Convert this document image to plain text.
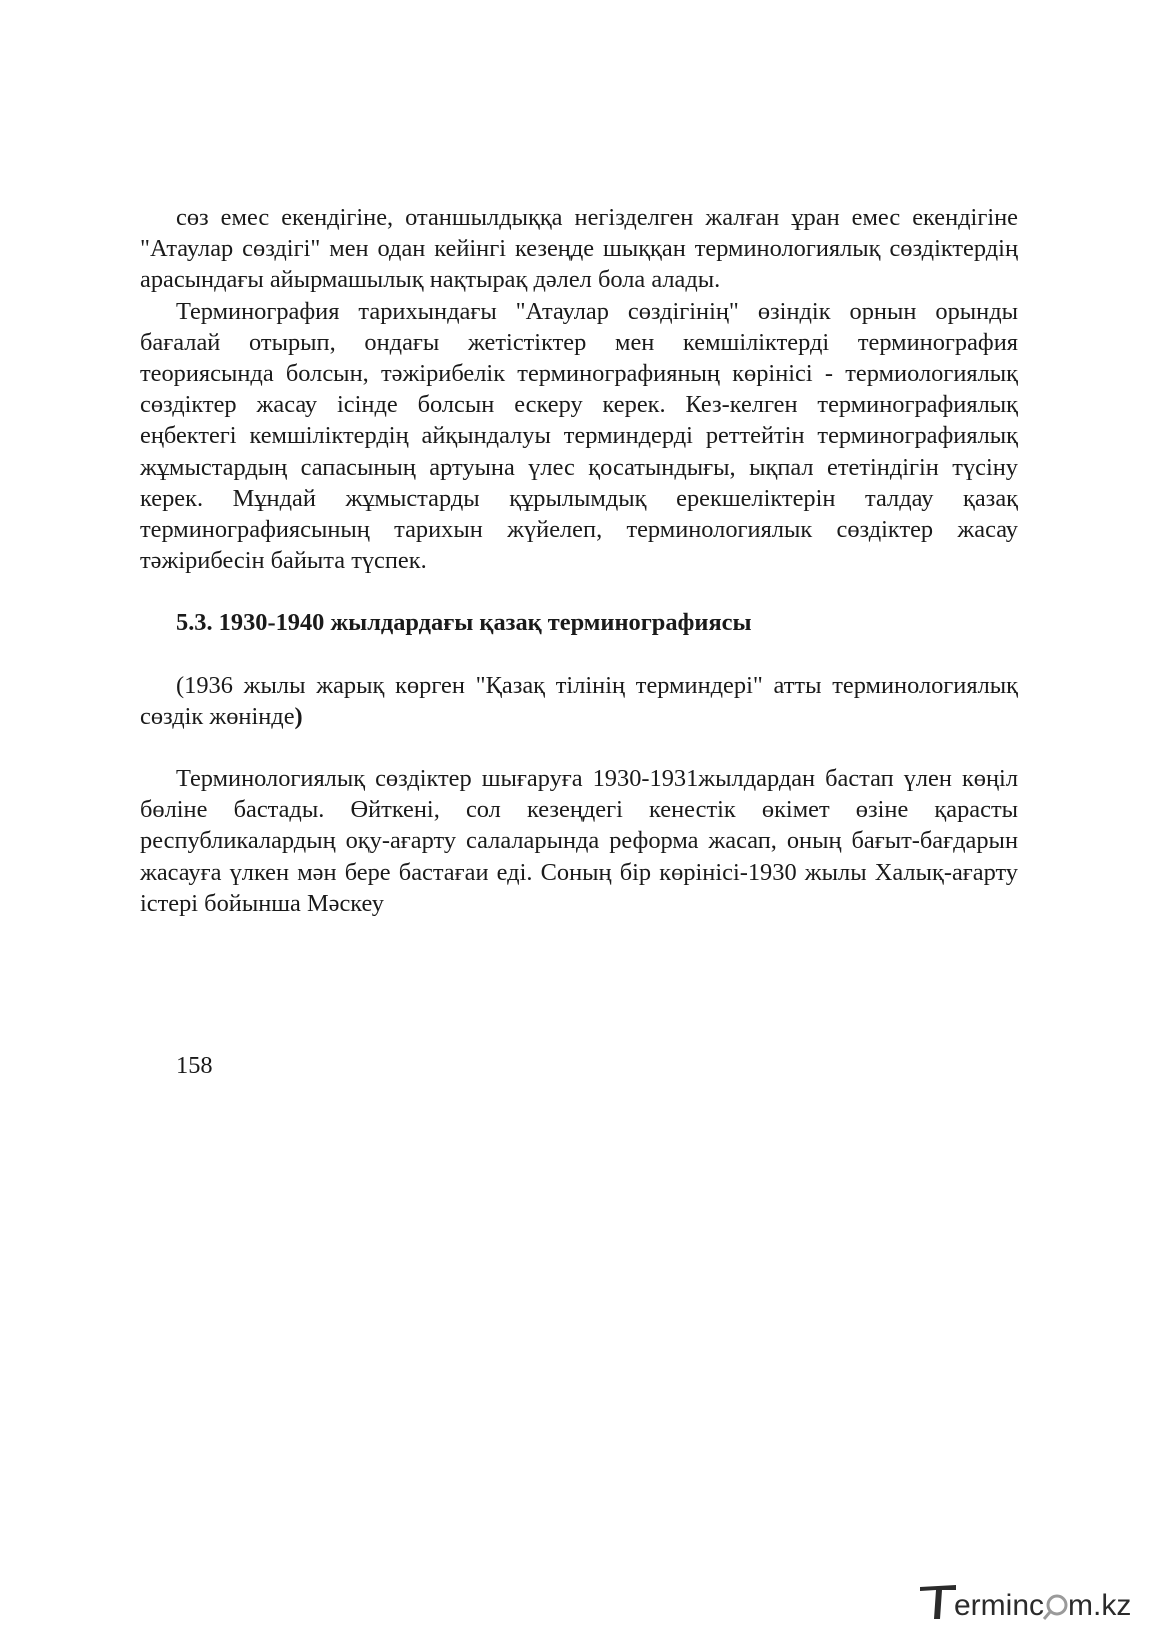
сөз емес екендігіне, отаншылдыққа негізделген жалған ұран емес екендігіне "Атаулар сөздігі" мен одан кейінгі кезеңде шыққан терминологиялық сөздіктердің арасындағы айырмашылық нақтырақ дәлел бола алады.

Терминография тарихындағы "Атаулар сөздігінің" өзіндік орнын орынды бағалай отырып, ондағы жетістіктер мен кемшіліктерді терминография теориясында болсын, тәжірибелік терминографияның көрінісі - термиологиялық сөздіктер жасау ісінде болсын ескеру керек. Кез-келген терминографиялық еңбектегі кемшіліктердің айқындалуы терминдерді реттейтін терминографиялық жұмыстардың сапасының артуына үлес қосатындығы, ықпал ететіндігін түсіну керек. Мұндай жұмыстарды құрылымдық ерекшеліктерін талдау қазақ терминографиясының тарихын жүйелеп, терминологиялык сөздіктер жасау тәжірибесін байыта түспек.

5.3. 1930-1940 жылдардағы қазақ терминографиясы

(1936 жылы жарық көрген "Қазақ тілінің терминдері" атты терминологиялық сөздік жөнінде)

Терминологиялық сөздіктер шығаруға 1930-1931жылдардан бастап үлен көңіл бөліне бастады. Өйткені, сол кезеңдегі кенестік өкімет өзіне қарасты республикалардың оқу-ағарту салаларында реформа жасап, оның бағыт-бағдарын жасауға үлкен мән бере бастағаи еді. Соның бір көрінісі-1930 жылы Халық-ағарту істері бойынша Мәскеу

158
erminc m.kz
